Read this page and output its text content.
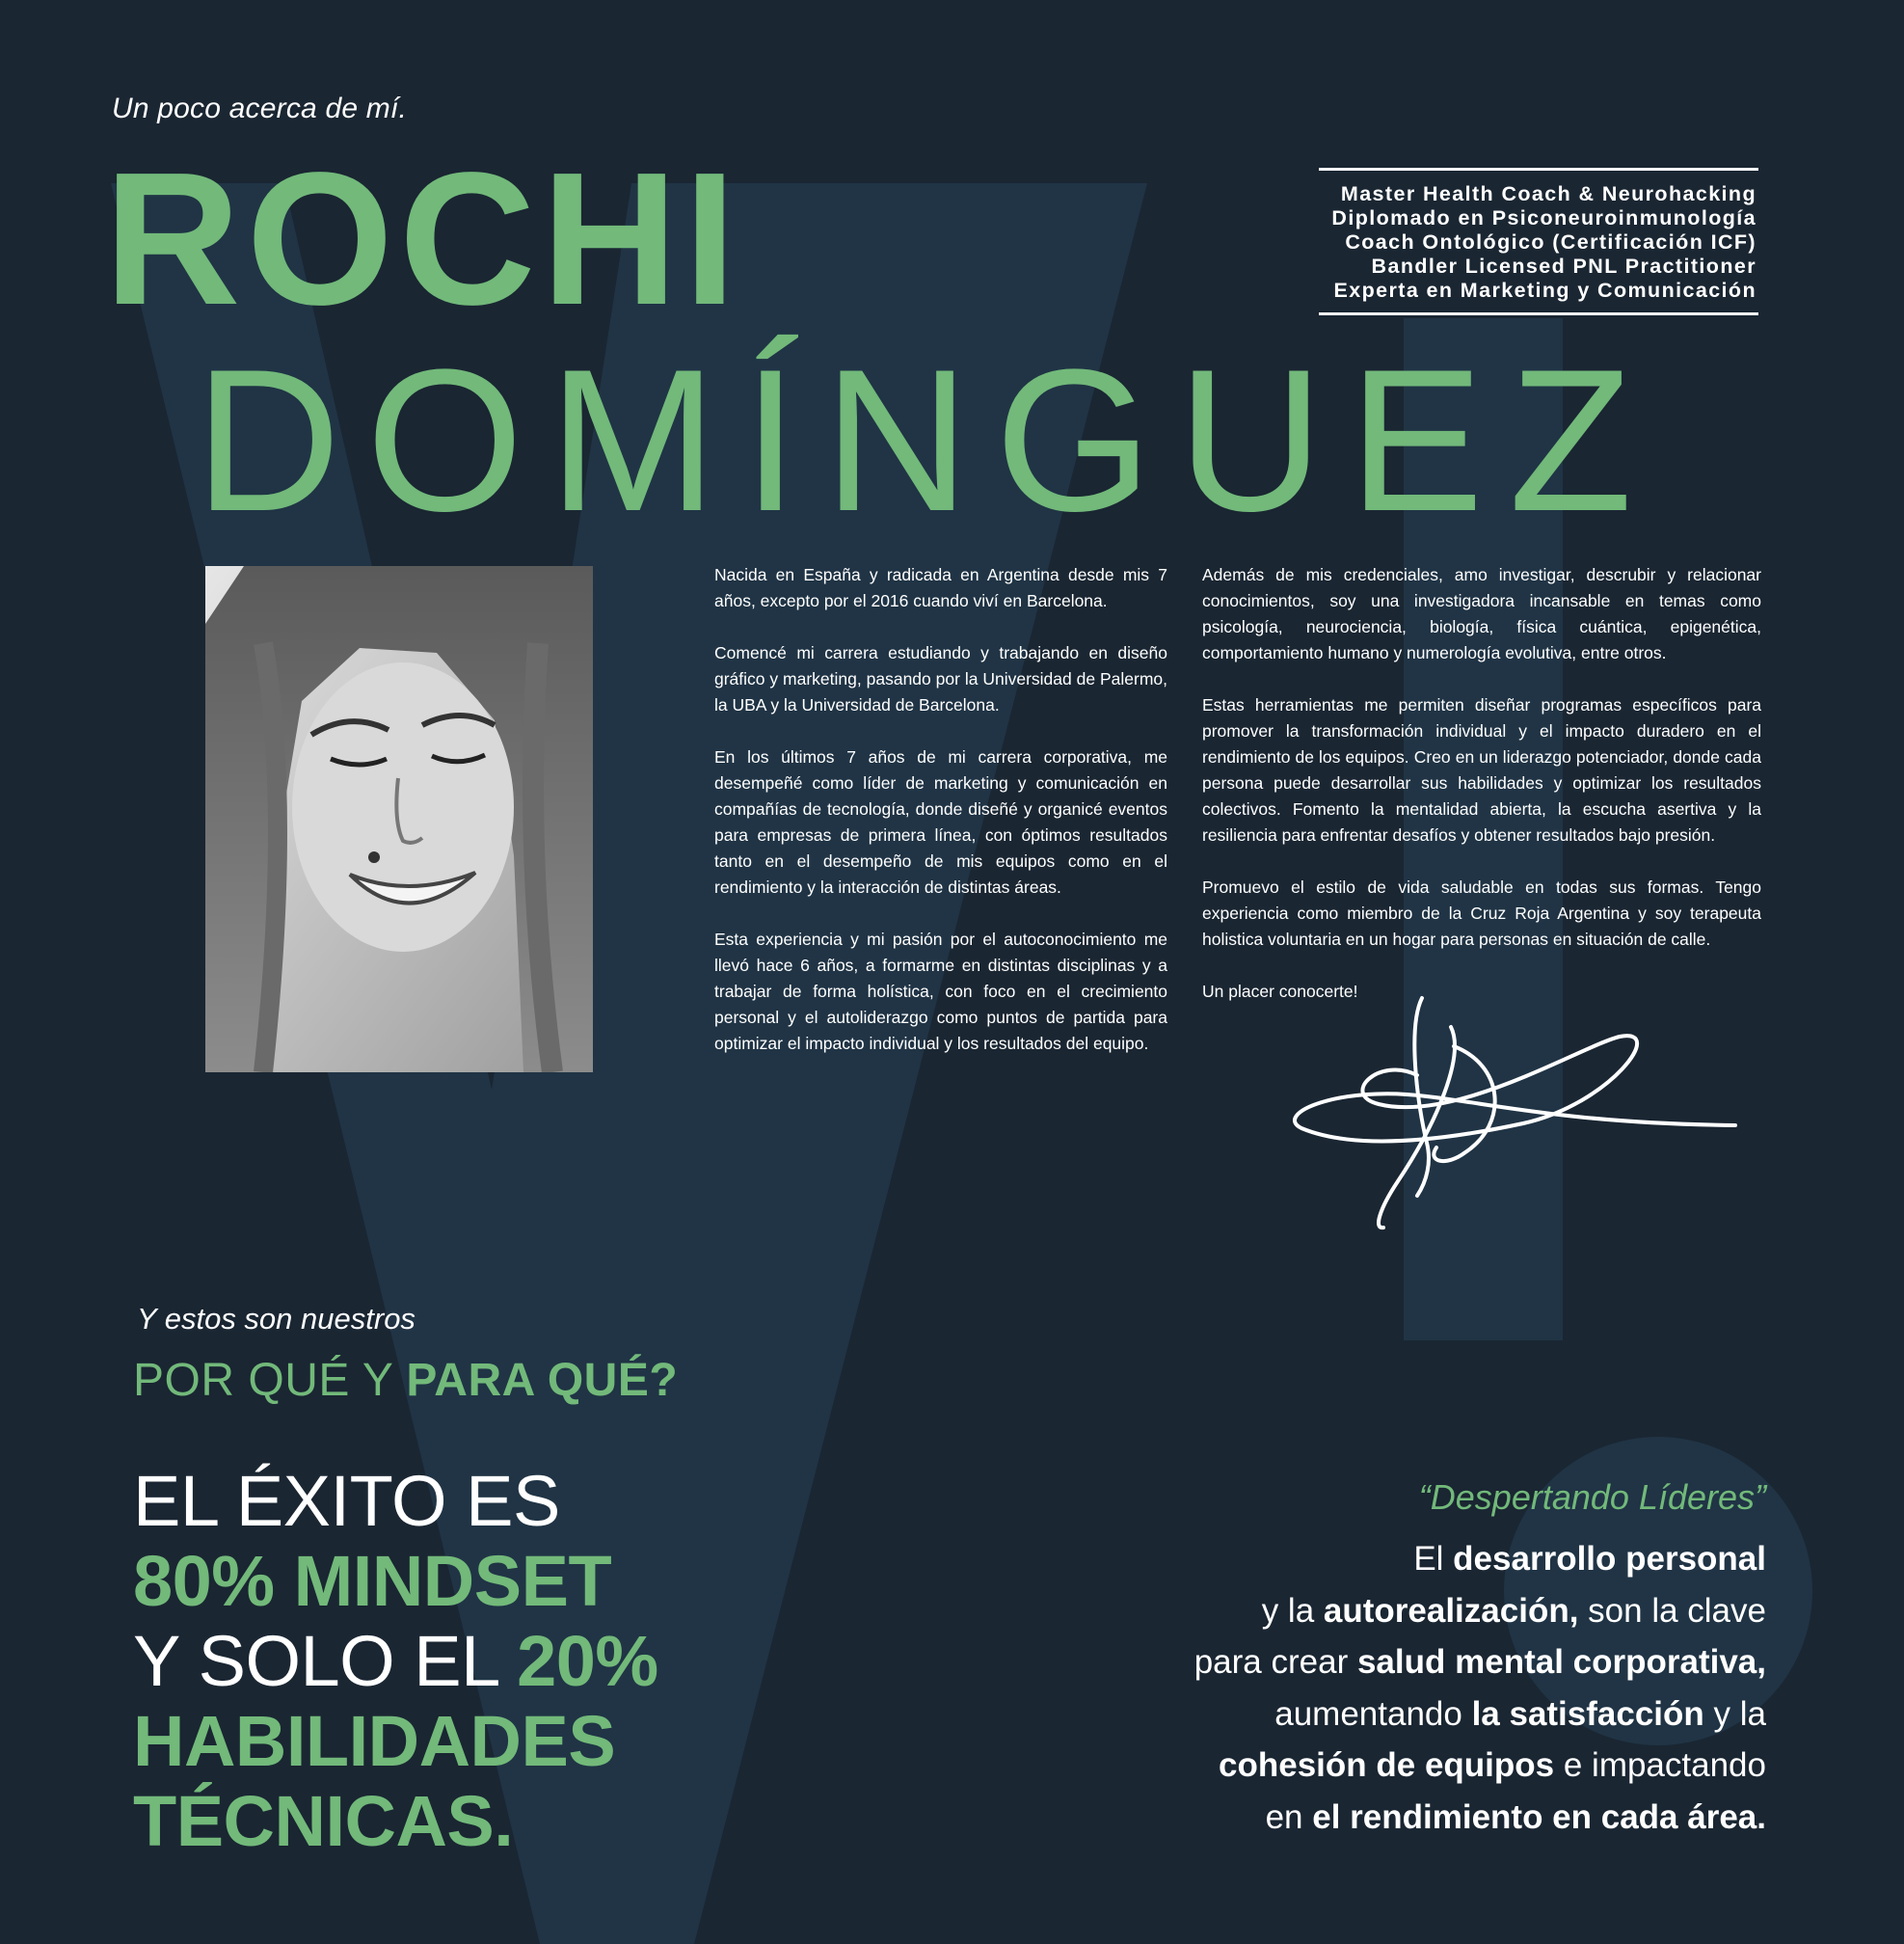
Un poco acerca de mí.
ROCHI
DOMÍNGUEZ
Master Health Coach & Neurohacking
Diplomado en Psiconeuroinmunología
Coach Ontológico (Certificación ICF)
Bandler Licensed PNL Practitioner
Experta en Marketing y Comunicación

Nacida en España y radicada en Argentina desde mis 7 años, excepto por el 2016 cuando viví en Barcelona.

Comencé mi carrera estudiando y trabajando en diseño gráfico y marketing, pasando por la Universidad de Palermo, la UBA y la Universidad de Barcelona.

En los últimos 7 años de mi carrera corporativa, me desempeñé como líder de marketing y comunicación en compañías de tecnología, donde diseñé y organicé eventos para empresas de primera línea, con óptimos resultados tanto en el desempeño de mis equipos como en el rendimiento y la interacción de distintas áreas.

Esta experiencia y mi pasión por el autoconocimiento me llevó hace 6 años, a formarme en distintas disciplinas y a trabajar de forma holística, con foco en el crecimiento personal y el autoliderazgo como puntos de partida para optimizar el impacto individual y los resultados del equipo.

Además de mis credenciales, amo investigar, descrubir y relacionar conocimientos, soy una investigadora incansable en temas como psicología, neurociencia, biología, física cuántica, epigenética, comportamiento humano y numerología evolutiva, entre otros.

Estas herramientas me permiten diseñar programas específicos para promover la transformación individual y el impacto duradero en el rendimiento de los equipos. Creo en un liderazgo potenciador, donde cada persona puede desarrollar sus habilidades y optimizar los resultados colectivos. Fomento la mentalidad abierta, la escucha asertiva y la resiliencia para enfrentar desafíos y obtener resultados bajo presión.

Promuevo el estilo de vida saludable en todas sus formas. Tengo experiencia como miembro de la Cruz Roja Argentina y soy terapeuta holistica voluntaria en un hogar para personas en situación de calle.

Un placer conocerte!

Y estos son nuestros
POR QUÉ Y PARA QUÉ?
EL ÉXITO ES
80% MINDSET
Y SOLO EL 20%
HABILIDADES
TÉCNICAS.
“Despertando Líderes”
El desarrollo personal
y la autorealización, son la clave
para crear salud mental corporativa,
aumentando la satisfacción y la
cohesión de equipos e impactando
en el rendimiento en cada área.
